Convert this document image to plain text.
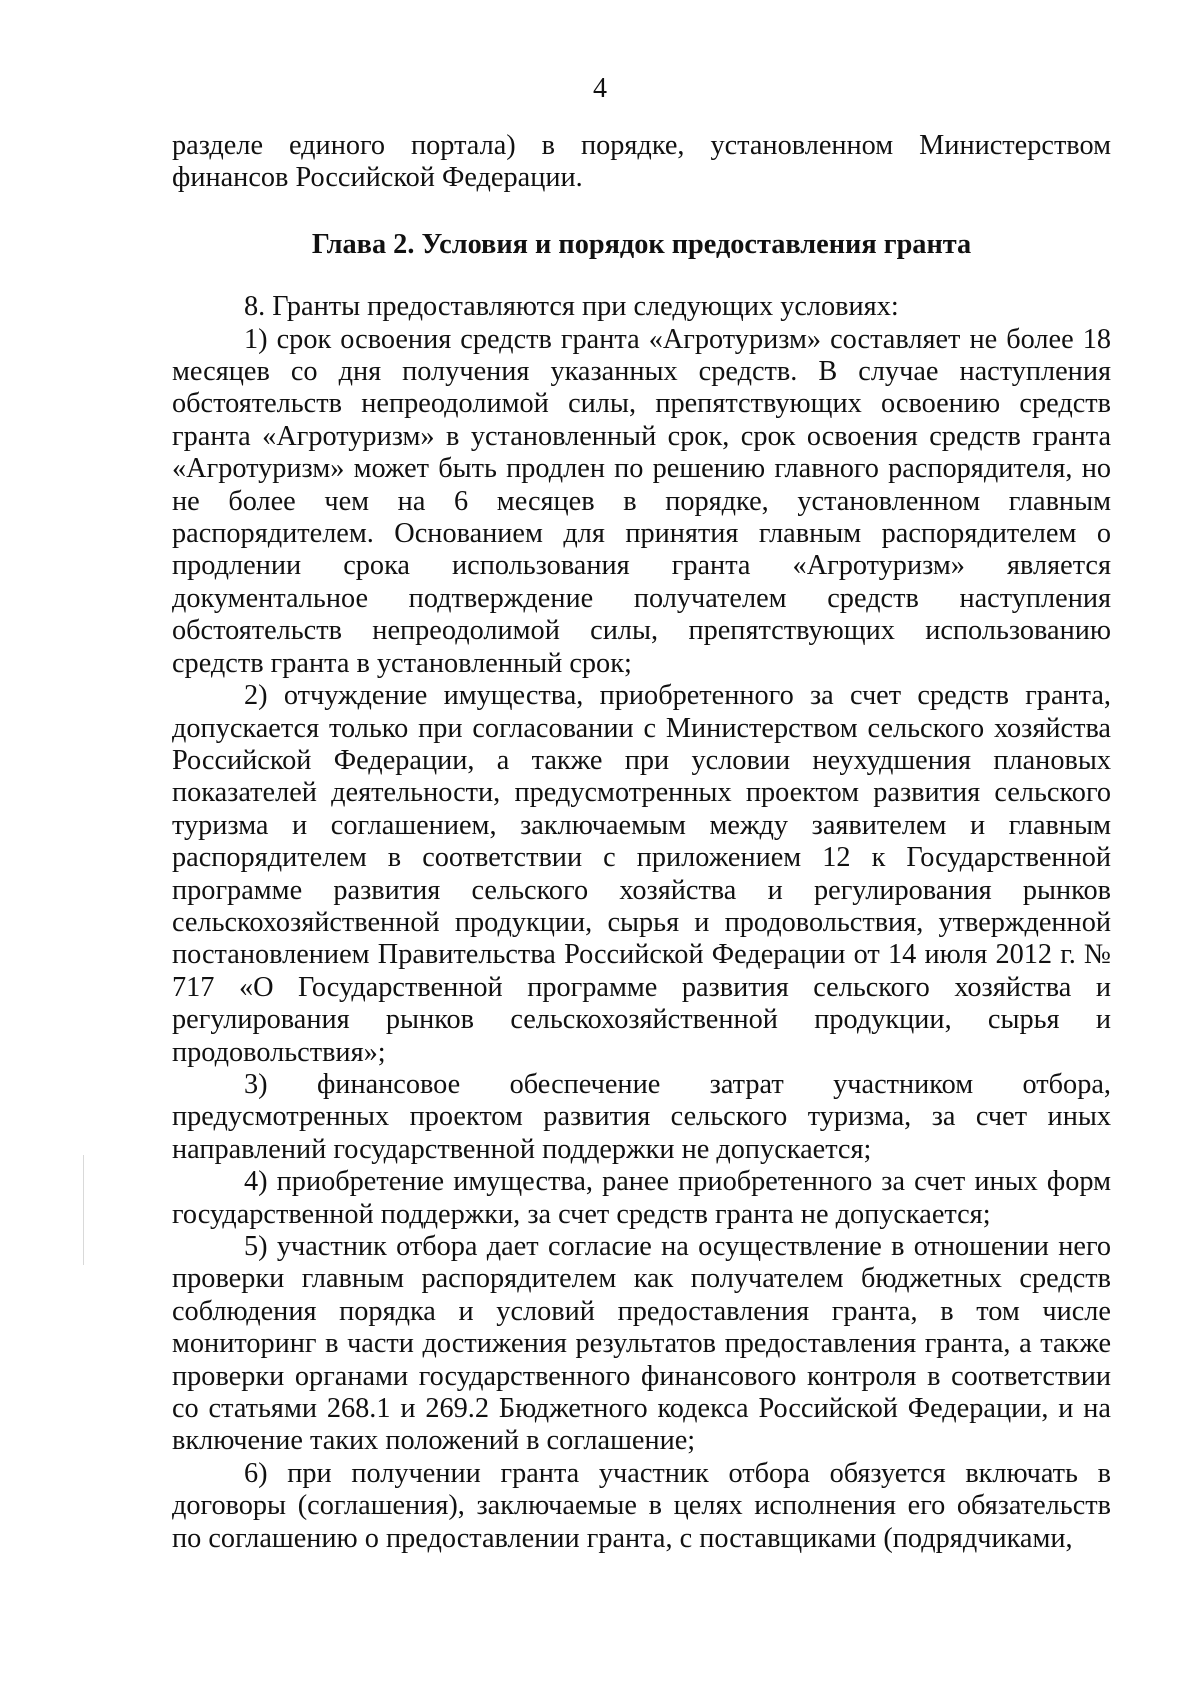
4

разделе единого портала) в порядке, установленном Министерством финансов Российской Федерации.

Глава 2. Условия и порядок предоставления гранта

8. Гранты предоставляются при следующих условиях:

1) срок освоения средств гранта «Агротуризм» составляет не более 18 месяцев со дня получения указанных средств. В случае наступления обстоятельств непреодолимой силы, препятствующих освоению средств гранта «Агротуризм» в установленный срок, срок освоения средств гранта «Агротуризм» может быть продлен по решению главного распорядителя, но не более чем на 6 месяцев в порядке, установленном главным распорядителем. Основанием для принятия главным распорядителем о продлении срока использования гранта «Агротуризм» является документальное подтверждение получателем средств наступления обстоятельств непреодолимой силы, препятствующих использованию средств гранта в установленный срок;

2) отчуждение имущества, приобретенного за счет средств гранта, допускается только при согласовании с Министерством сельского хозяйства Российской Федерации, а также при условии неухудшения плановых показателей деятельности, предусмотренных проектом развития сельского туризма и соглашением, заключаемым между заявителем и главным распорядителем в соответствии с приложением 12 к Государственной программе развития сельского хозяйства и регулирования рынков сельскохозяйственной продукции, сырья и продовольствия, утвержденной постановлением Правительства Российской Федерации от 14 июля 2012 г. № 717 «О Государственной программе развития сельского хозяйства и регулирования рынков сельскохозяйственной продукции, сырья и продовольствия»;

3) финансовое обеспечение затрат участником отбора, предусмотренных проектом развития сельского туризма, за счет иных направлений государственной поддержки не допускается;

4) приобретение имущества, ранее приобретенного за счет иных форм государственной поддержки, за счет средств гранта не допускается;

5) участник отбора дает согласие на осуществление в отношении него проверки главным распорядителем как получателем бюджетных средств соблюдения порядка и условий предоставления гранта, в том числе мониторинг в части достижения результатов предоставления гранта, а также проверки органами государственного финансового контроля в соответствии со статьями 268.1 и 269.2 Бюджетного кодекса Российской Федерации, и на включение таких положений в соглашение;

6) при получении гранта участник отбора обязуется включать в договоры (соглашения), заключаемые в целях исполнения его обязательств по соглашению о предоставлении гранта, с поставщиками (подрядчиками,
